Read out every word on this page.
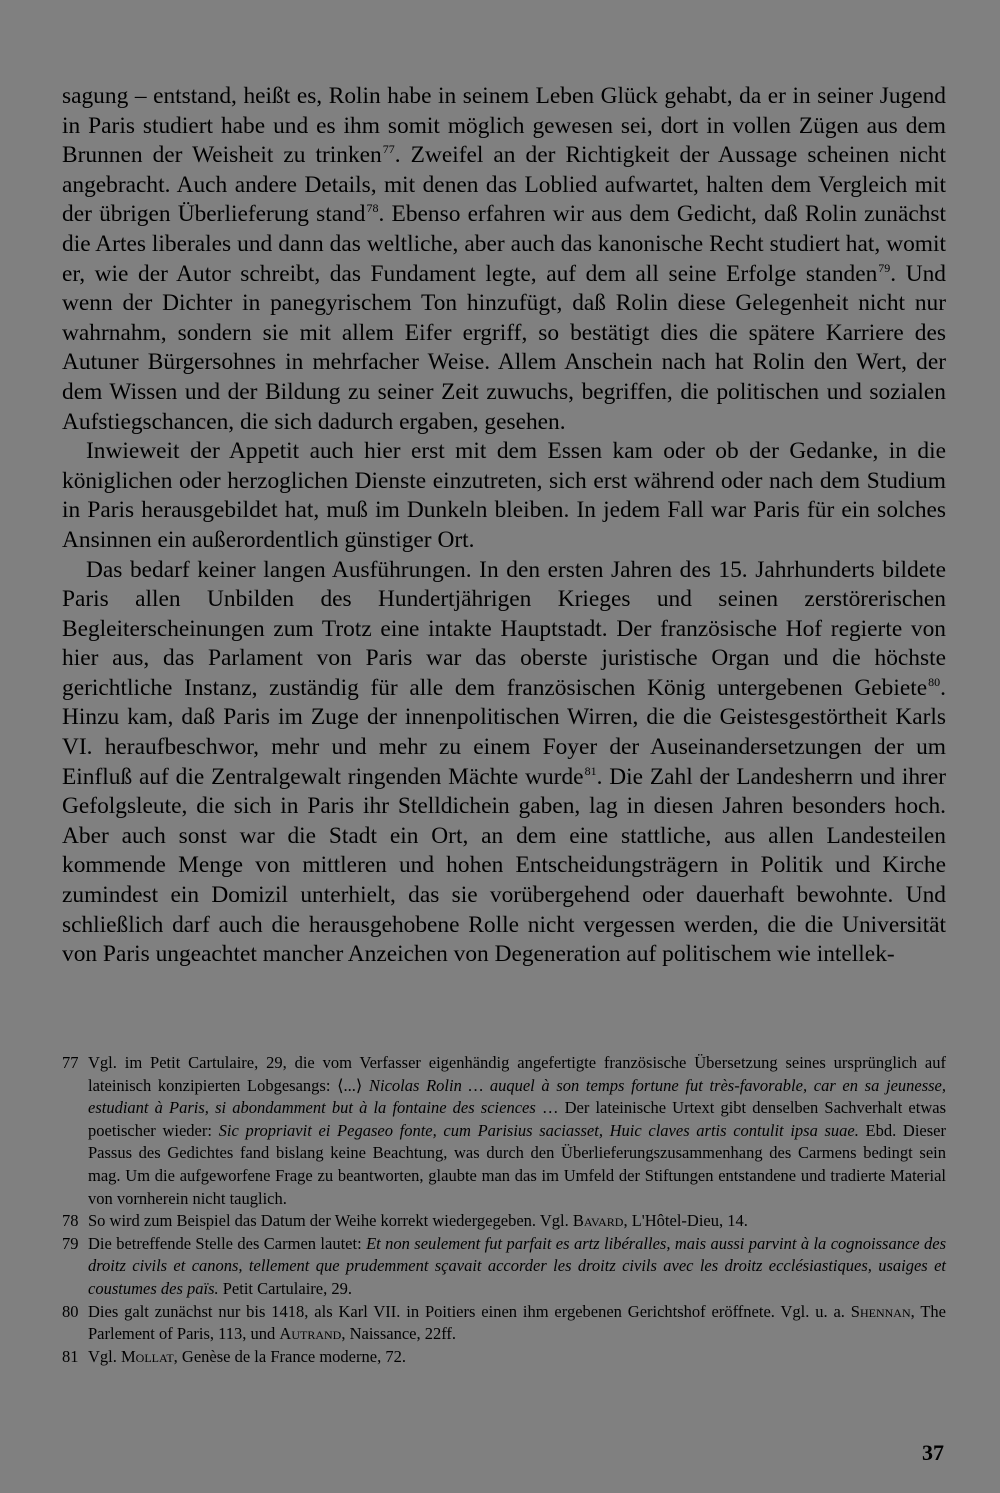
sagung – entstand, heißt es, Rolin habe in seinem Leben Glück gehabt, da er in seiner Jugend in Paris studiert habe und es ihm somit möglich gewesen sei, dort in vollen Zügen aus dem Brunnen der Weisheit zu trinken$^{77}$. Zweifel an der Richtigkeit der Aussage scheinen nicht angebracht. Auch andere Details, mit denen das Loblied aufwartet, halten dem Vergleich mit der übrigen Überlieferung stand$^{78}$. Ebenso erfahren wir aus dem Gedicht, daß Rolin zunächst die Artes liberales und dann das weltliche, aber auch das kanonische Recht studiert hat, womit er, wie der Autor schreibt, das Fundament legte, auf dem all seine Erfolge standen$^{79}$. Und wenn der Dichter in panegyrischem Ton hinzufügt, daß Rolin diese Gelegenheit nicht nur wahrnahm, sondern sie mit allem Eifer ergriff, so bestätigt dies die spätere Karriere des Autuner Bürgersohnes in mehrfacher Weise. Allem Anschein nach hat Rolin den Wert, der dem Wissen und der Bildung zu seiner Zeit zuwuchs, begriffen, die politischen und sozialen Aufstiegschancen, die sich dadurch ergaben, gesehen.

Inwieweit der Appetit auch hier erst mit dem Essen kam oder ob der Gedanke, in die königlichen oder herzoglichen Dienste einzutreten, sich erst während oder nach dem Studium in Paris herausgebildet hat, muß im Dunkeln bleiben. In jedem Fall war Paris für ein solches Ansinnen ein außerordentlich günstiger Ort.

Das bedarf keiner langen Ausführungen. In den ersten Jahren des 15. Jahrhunderts bildete Paris allen Unbilden des Hundertjährigen Krieges und seinen zerstörerischen Begleiterscheinungen zum Trotz eine intakte Hauptstadt. Der französische Hof regierte von hier aus, das Parlament von Paris war das oberste juristische Organ und die höchste gerichtliche Instanz, zuständig für alle dem französischen König untergebenen Gebiete$^{80}$. Hinzu kam, daß Paris im Zuge der innenpolitischen Wirren, die die Geistesgestörtheit Karls VI. heraufbeschwor, mehr und mehr zu einem Foyer der Auseinandersetzungen der um Einfluß auf die Zentralgewalt ringenden Mächte wurde$^{81}$. Die Zahl der Landesherrn und ihrer Gefolgsleute, die sich in Paris ihr Stelldichein gaben, lag in diesen Jahren besonders hoch. Aber auch sonst war die Stadt ein Ort, an dem eine stattliche, aus allen Landesteilen kommende Menge von mittleren und hohen Entscheidungsträgern in Politik und Kirche zumindest ein Domizil unterhielt, das sie vorübergehend oder dauerhaft bewohnte. Und schließlich darf auch die herausgehobene Rolle nicht vergessen werden, die die Universität von Paris ungeachtet mancher Anzeichen von Degeneration auf politischem wie intellek-

77 Vgl. im Petit Cartulaire, 29, die vom Verfasser eigenhändig angefertigte französische Übersetzung seines ursprünglich auf lateinisch konzipierten Lobgesangs: ⟨...⟩ Nicolas Rolin … auquel à son temps fortune fut très-favorable, car en sa jeunesse, estudiant à Paris, si abondamment but à la fontaine des sciences … Der lateinische Urtext gibt denselben Sachverhalt etwas poetischer wieder: Sic propriavit ei Pegaseo fonte, cum Parisius saciasset, Huic claves artis contulit ipsa suae. Ebd. Dieser Passus des Gedichtes fand bislang keine Beachtung, was durch den Überlieferungszusammenhang des Carmens bedingt sein mag. Um die aufgeworfene Frage zu beantworten, glaubte man das im Umfeld der Stiftungen entstandene und tradierte Material von vornherein nicht tauglich.

78 So wird zum Beispiel das Datum der Weihe korrekt wiedergegeben. Vgl. Bavard, L'Hôtel-Dieu, 14.

79 Die betreffende Stelle des Carmen lautet: Et non seulement fut parfait es artz libéralles, mais aussi parvint à la cognoissance des droitz civils et canons, tellement que prudemment sçavait accorder les droitz civils avec les droitz ecclésiastiques, usaiges et coustumes des païs. Petit Cartulaire, 29.

80 Dies galt zunächst nur bis 1418, als Karl VII. in Poitiers einen ihm ergebenen Gerichtshof eröffnete. Vgl. u. a. Shennan, The Parlement of Paris, 113, und Autrand, Naissance, 22ff.

81 Vgl. Mollat, Genèse de la France moderne, 72.

37
